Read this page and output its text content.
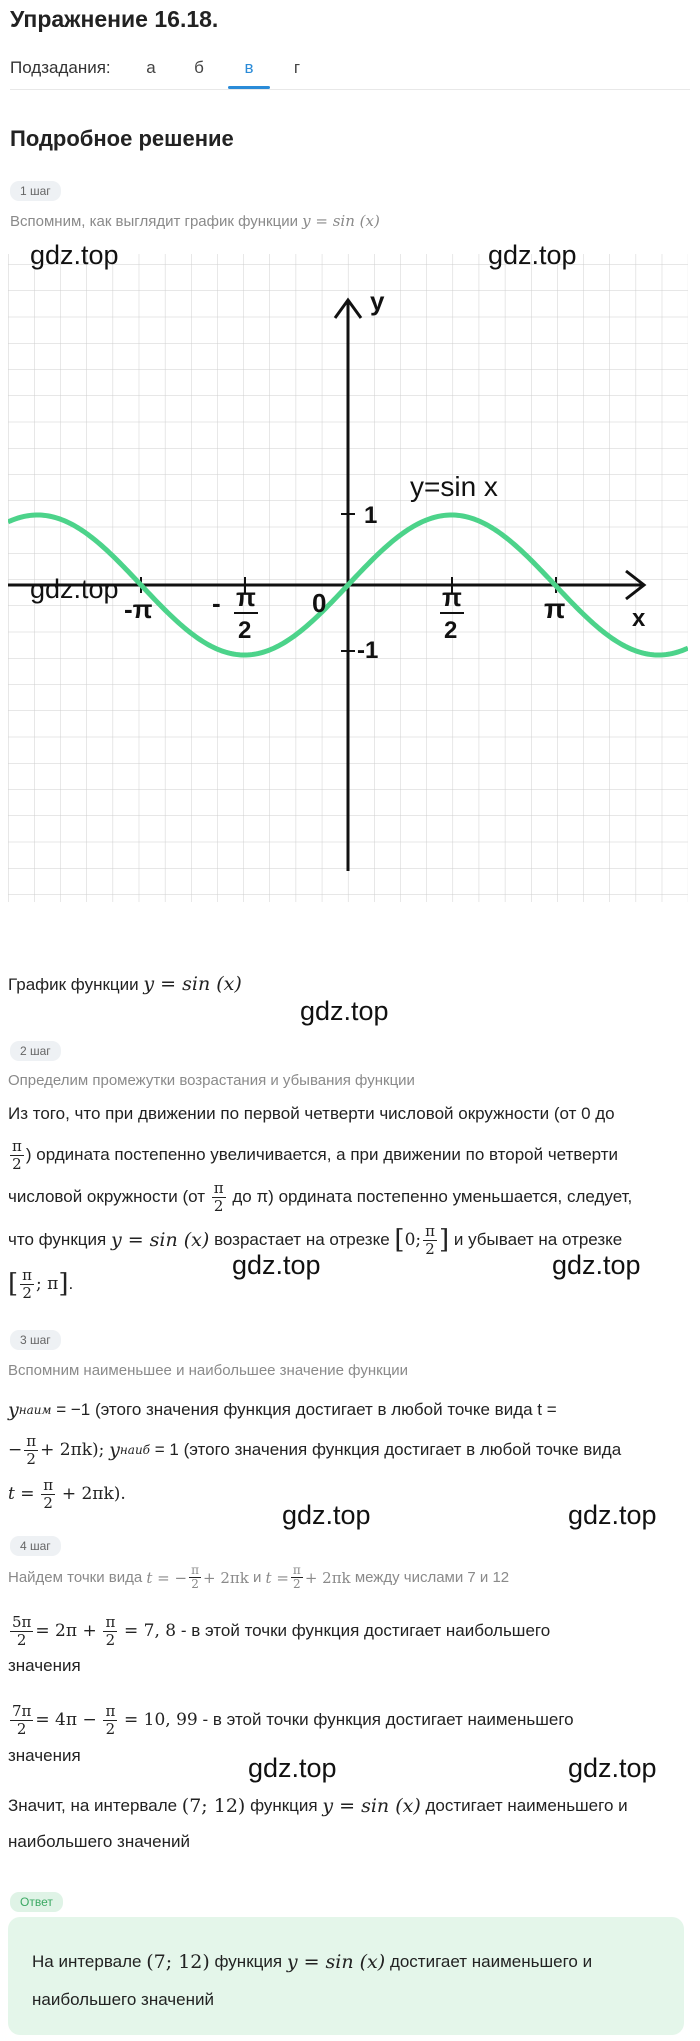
Упражнение 16.18.
Подзадания:	а	б	в	г
Подробное решение
1 шаг
Вспомним, как выглядит график функции y = sin (x)
y
x
y=sin x
1
-1
0
-π	π
- π
2
π
2
gdz.top	gdz.top
gdz.top
gdz.top
gdz.top	gdz.top
gdz.top	gdz.top
gdz.top	gdz.top
График функции y = sin (x)
2 шаг
Определим промежутки возрастания и убывания функции
Из того, что при движении по первой четверти числовой окружности (от 0 до
$\frac{\pi}{2}$ ) ордината постепенно увеличивается, а при движении по второй четверти
числовой окружности (от
$\frac{\pi}{2}$
до π) ордината постепенно уменьшается, следует,
что функция
y = sin (x)
возрастает на отрезке
[ 0; $\frac{\pi}{2}$ ]
и убывает на отрезке
[ $\frac{\pi}{2}$ ; π ] .
3 шаг
Вспомним наименьшее и наибольшее значение функции
y наим
= −1 (этого значения функция достигает в любой точке вида t =
− $\frac{\pi}{2} + 2\pi k$);
y наиб
= 1 (этого значения функция достигает в любой точке вида
t =
$\frac{\pi}{2}$
+ 2πk).
4 шаг
Найдем точки вида
t = − $\frac{\pi}{2} + 2\pi k$
и
$t = \frac{\pi}{2} + 2\pi k$
между числами 7 и 12
$\frac{5\pi}{2} = 2\pi$ +
$\frac{\pi}{2}$
= 7, 8
- в этой точки функция достигает наибольшего
значения
$\frac{7\pi}{2} = 4\pi$ −
$\frac{\pi}{2}$
= 10, 99
- в этой точки функция достигает наименьшего
значения
Значит, на интервале
(7; 12)
функция
y = sin (x)
достигает наименьшего и
наибольшего значений
Ответ
На интервале
(7; 12)
функция
y = sin (x)
достигает наименьшего и
наибольшего значений
